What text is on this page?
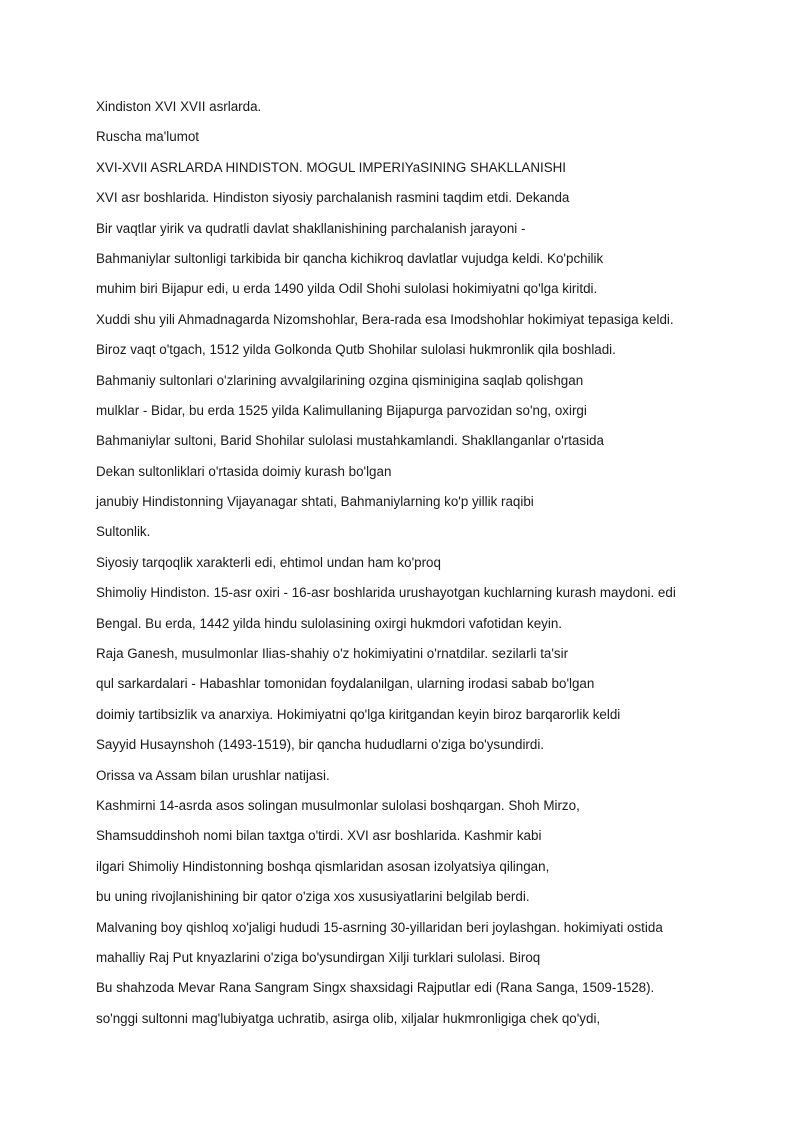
Xindiston XVI XVII asrlarda.

Ruscha ma'lumot

XVI-XVII ASRLARDA HINDISTON. MOGUL IMPERIYaSINING SHAKLLANISHI

XVI asr boshlarida. Hindiston siyosiy parchalanish rasmini taqdim etdi. Dekanda

Bir vaqtlar yirik va qudratli davlat shakllanishining parchalanish jarayoni -

Bahmaniylar sultonligi tarkibida bir qancha kichikroq davlatlar vujudga keldi. Ko'pchilik

muhim biri Bijapur edi, u erda 1490 yilda Odil Shohi sulolasi hokimiyatni qo'lga kiritdi.

Xuddi shu yili Ahmadnagarda Nizomshohlar, Bera-rada esa Imodshohlar hokimiyat tepasiga keldi.

Biroz vaqt o'tgach, 1512 yilda Golkonda Qutb Shohilar sulolasi hukmronlik qila boshladi.

Bahmaniy sultonlari o'zlarining avvalgilarining ozgina qisminigina saqlab qolishgan

mulklar - Bidar, bu erda 1525 yilda Kalimullaning Bijapurga parvozidan so'ng, oxirgi

Bahmaniylar sultoni, Barid Shohilar sulolasi mustahkamlandi. Shakllanganlar o'rtasida

Dekan sultonliklari o'rtasida doimiy kurash bo'lgan

janubiy Hindistonning Vijayanagar shtati, Bahmaniylarning ko'p yillik raqibi

Sultonlik.

Siyosiy tarqoqlik xarakterli edi, ehtimol undan ham ko'proq

Shimoliy Hindiston. 15-asr oxiri - 16-asr boshlarida urushayotgan kuchlarning kurash maydoni. edi

Bengal. Bu erda, 1442 yilda hindu sulolasining oxirgi hukmdori vafotidan keyin.

Raja Ganesh, musulmonlar Ilias-shahiy o'z hokimiyatini o'rnatdilar. sezilarli ta'sir

qul sarkardalari - Habashlar tomonidan foydalanilgan, ularning irodasi sabab bo'lgan

doimiy tartibsizlik va anarxiya. Hokimiyatni qo'lga kiritgandan keyin biroz barqarorlik keldi

Sayyid Husaynshoh (1493-1519), bir qancha hududlarni o'ziga bo'ysundirdi.

Orissa va Assam bilan urushlar natijasi.

Kashmirni 14-asrda asos solingan musulmonlar sulolasi boshqargan. Shoh Mirzo,

Shamsuddinshoh nomi bilan taxtga o'tirdi. XVI asr boshlarida. Kashmir kabi

ilgari Shimoliy Hindistonning boshqa qismlaridan asosan izolyatsiya qilingan,

bu uning rivojlanishining bir qator o'ziga xos xususiyatlarini belgilab berdi.

Malvaning boy qishloq xo'jaligi hududi 15-asrning 30-yillaridan beri joylashgan. hokimiyati ostida

mahalliy Raj Put knyazlarini o'ziga bo'ysundirgan Xilji turklari sulolasi. Biroq

Bu shahzoda Mevar Rana Sangram Singx shaxsidagi Rajputlar edi (Rana Sanga, 1509-1528).

so'nggi sultonni mag'lubiyatga uchratib, asirga olib, xiljalar hukmronligiga chek qo'ydi,
